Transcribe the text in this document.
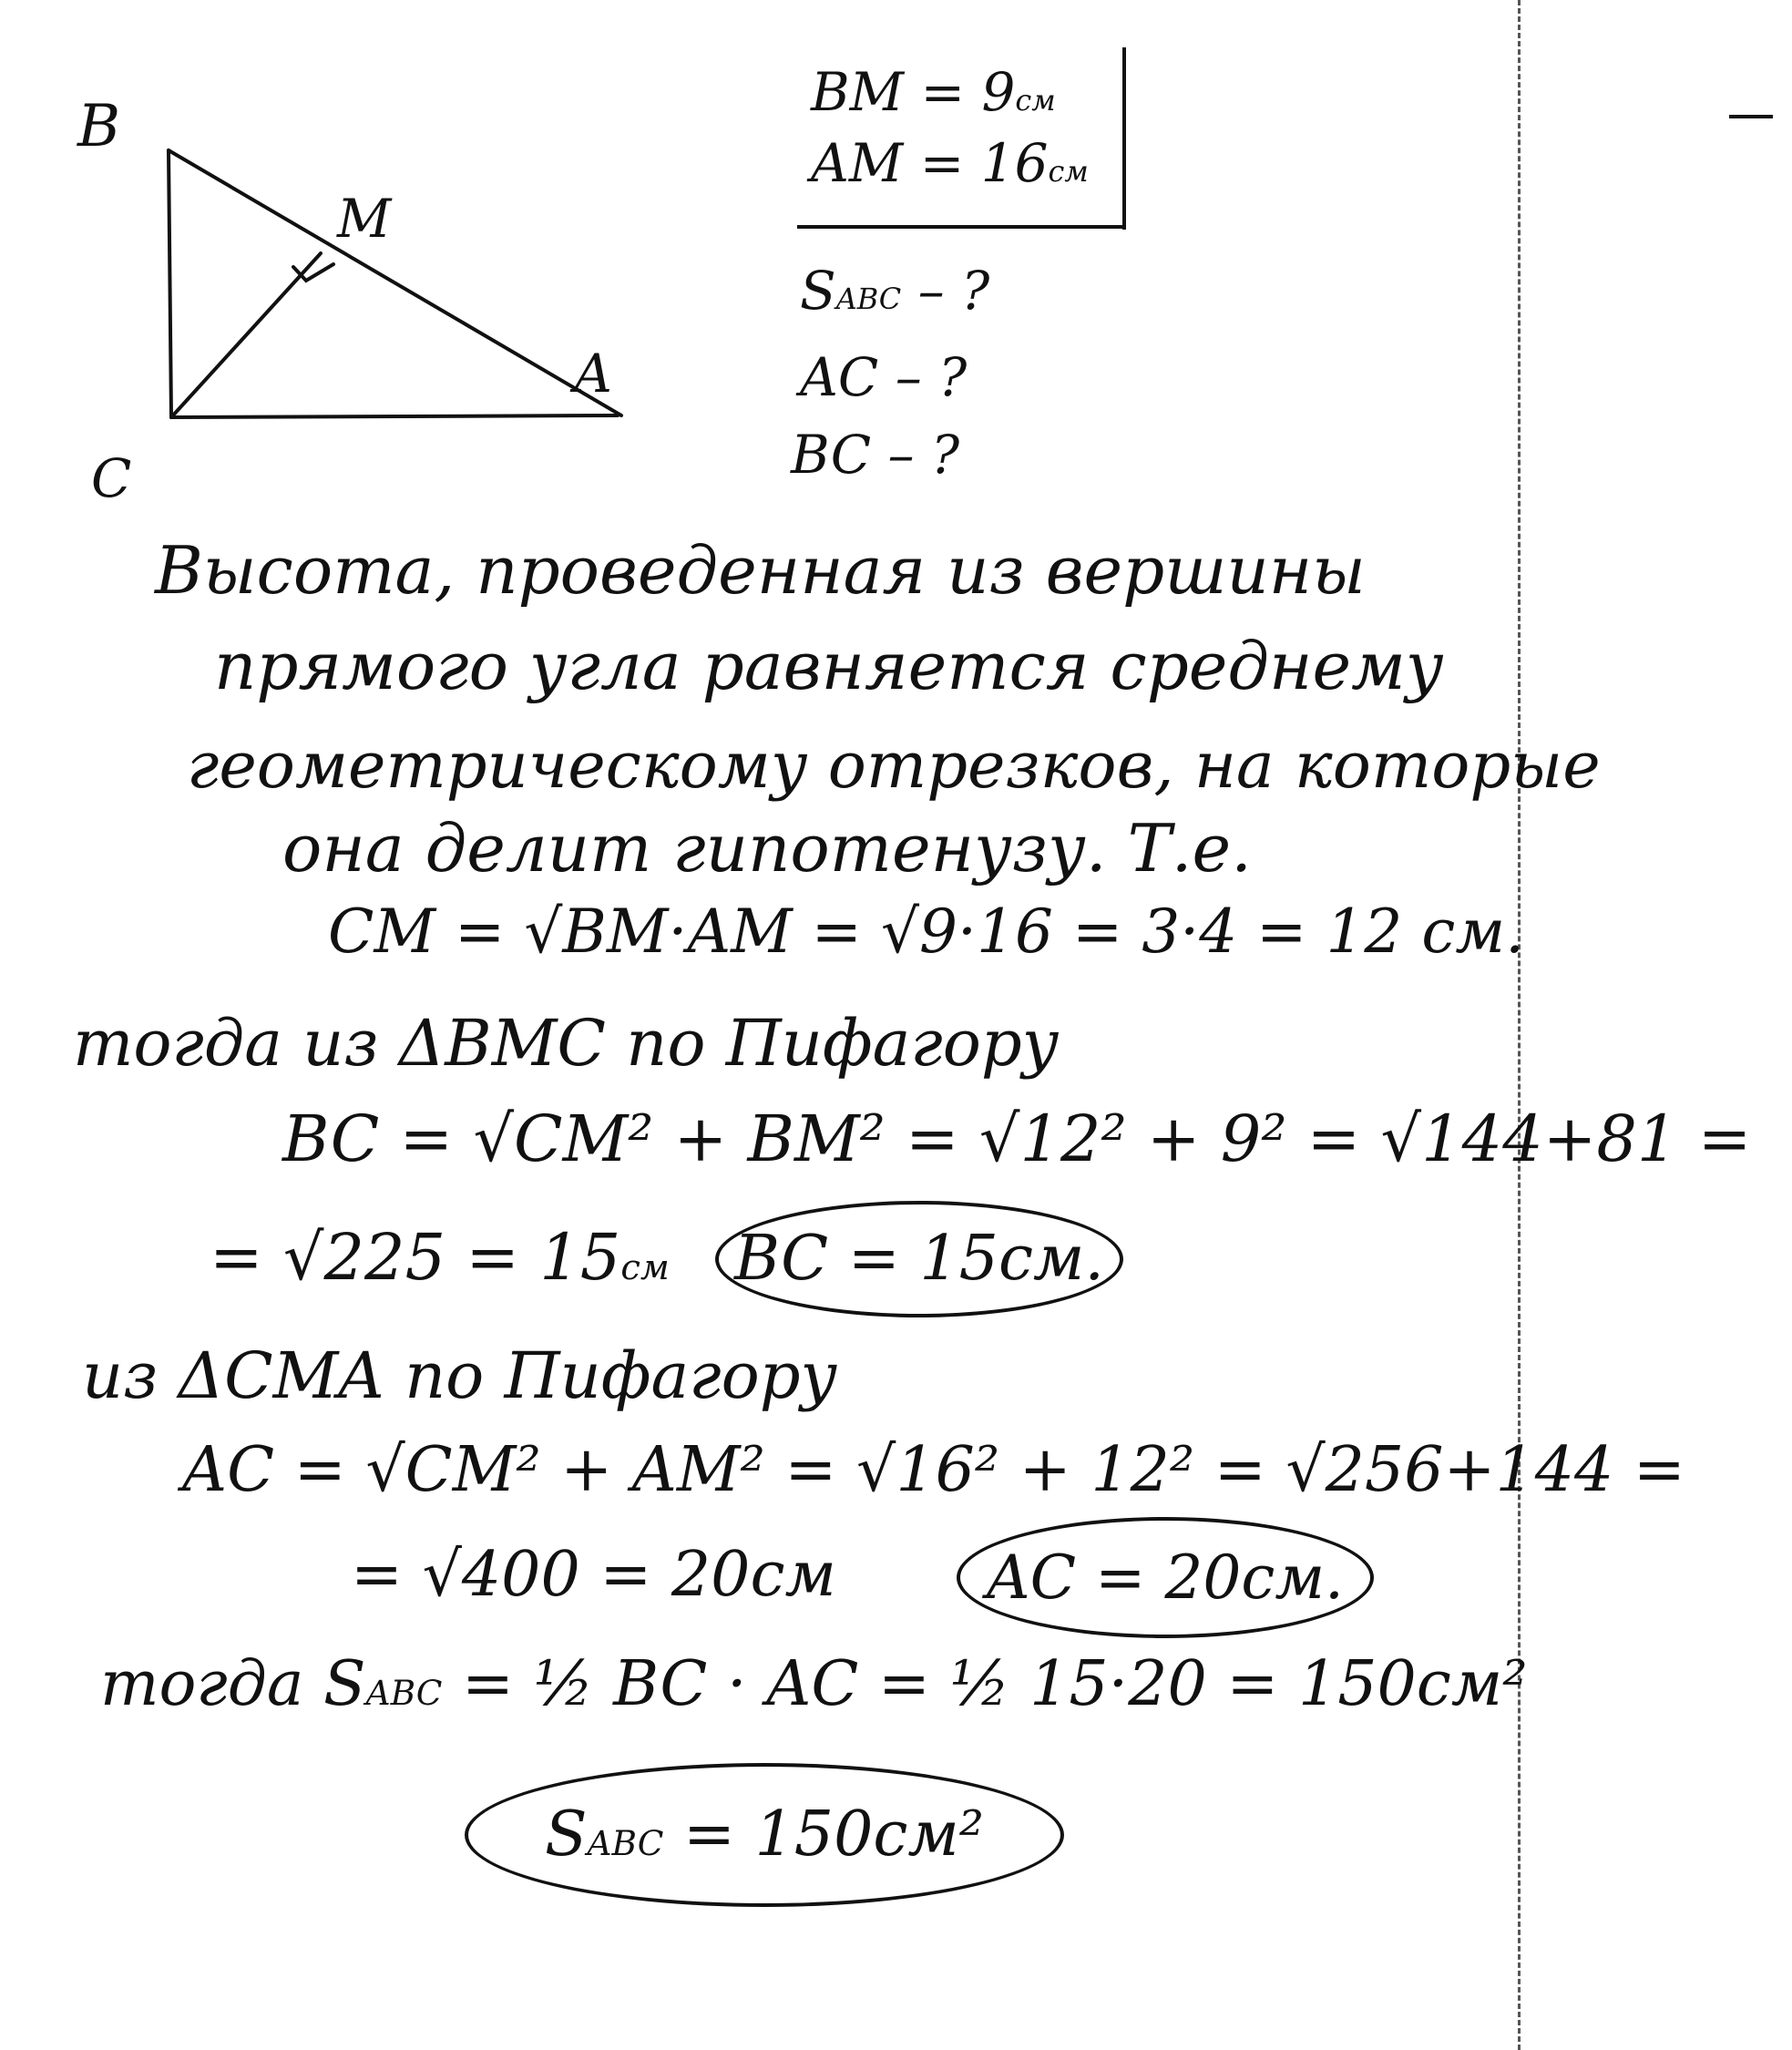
B
M
A
C
BM = 9см
AM = 16см
SABC – ?
AC – ?
BC – ?
Высота, проведенная из вершины
прямого угла равняется среднему
геометрическому отрезков, на которые
она делит гипотенузу. Т.е.
CM = √BM·AM = √9·16 = 3·4 = 12 см.
тогда из ΔBMC по Пифагору
BC = √CM² + BM² = √12² + 9² = √144+81 =
= √225 = 15см BC = 15см.
из ΔCMA по Пифагору
AC = √CM² + AM² = √16² + 12² = √256+144 =
= √400 = 20см	AC = 20см.
тогда SABC = ½ BC · AC = ½ 15·20 = 150см²
SABC = 150см²
